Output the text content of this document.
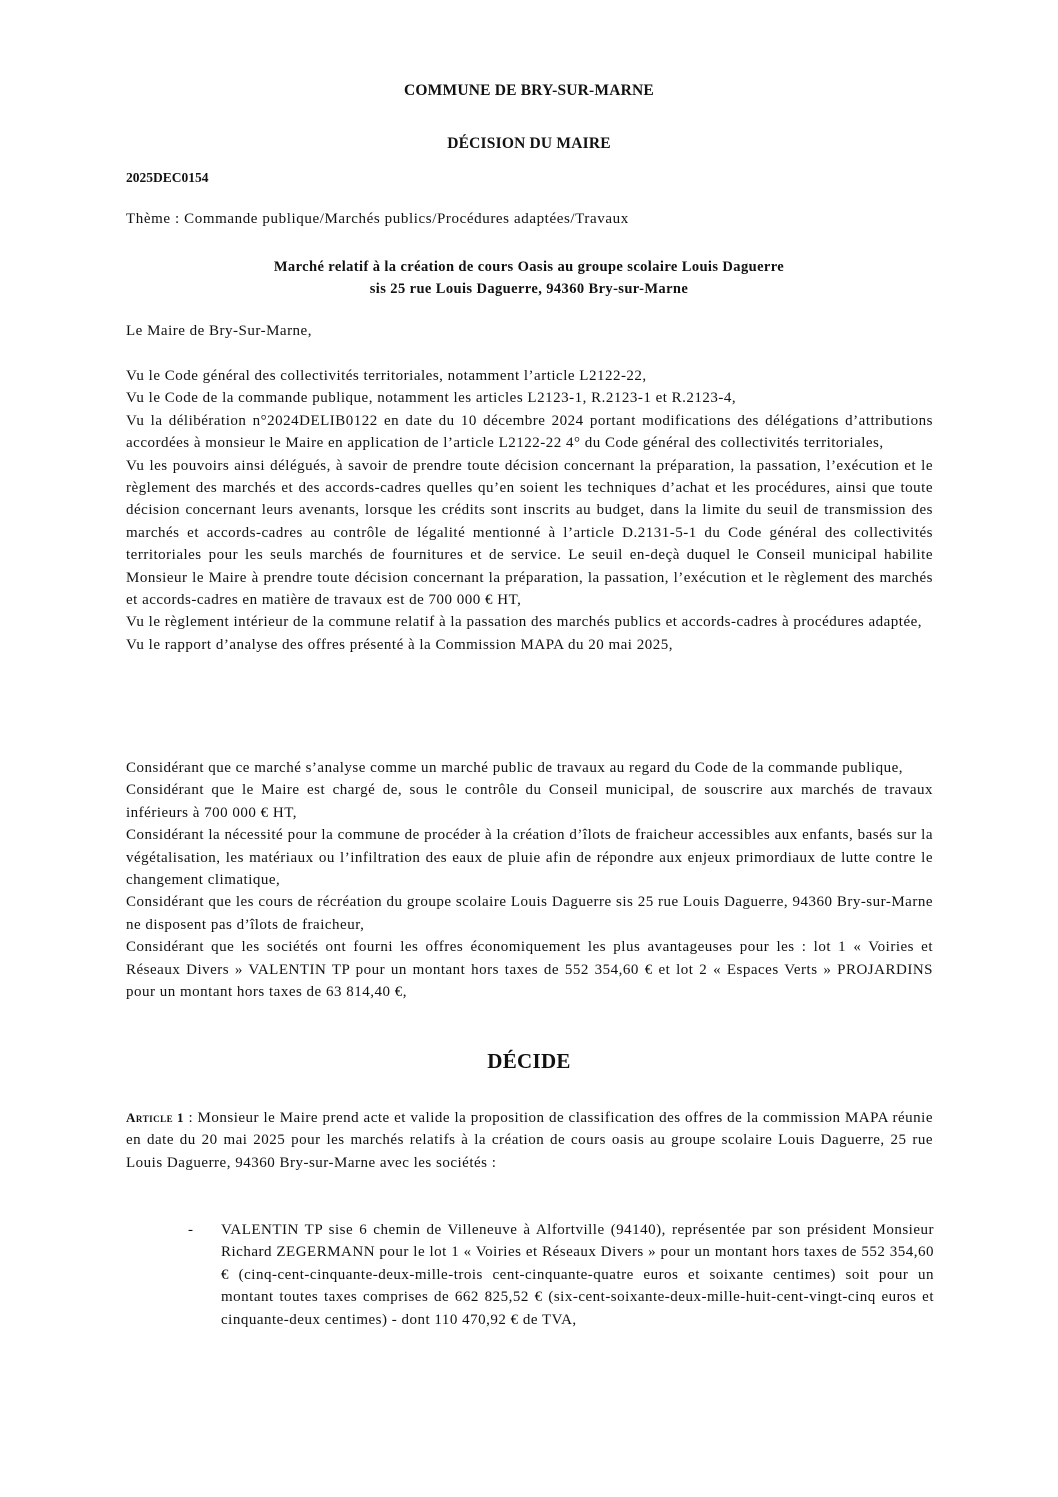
COMMUNE DE BRY-SUR-MARNE
DÉCISION DU MAIRE
2025DEC0154
Thème : Commande publique/Marchés publics/Procédures adaptées/Travaux
Marché relatif à la création de cours Oasis au groupe scolaire Louis Daguerre
sis 25 rue Louis Daguerre, 94360 Bry-sur-Marne
Le Maire de Bry-Sur-Marne,

Vu le Code général des collectivités territoriales, notamment l’article L2122-22,

Vu le Code de la commande publique, notamment les articles L2123-1, R.2123-1 et R.2123-4,

Vu la délibération n°2024DELIB0122 en date du 10 décembre 2024 portant modifications des délégations d’attributions accordées à monsieur le Maire en application de l’article L2122-22 4° du Code général des collectivités territoriales,

Vu les pouvoirs ainsi délégués, à savoir de prendre toute décision concernant la préparation, la passation, l’exécution et le règlement des marchés et des accords-cadres quelles qu’en soient les techniques d’achat et les procédures, ainsi que toute décision concernant leurs avenants, lorsque les crédits sont inscrits au budget, dans la limite du seuil de transmission des marchés et accords-cadres au contrôle de légalité mentionné à l’article D.2131-5-1 du Code général des collectivités territoriales pour les seuls marchés de fournitures et de service. Le seuil en-deçà duquel le Conseil municipal habilite Monsieur le Maire à prendre toute décision concernant la préparation, la passation, l’exécution et le règlement des marchés et accords-cadres en matière de travaux est de 700 000 € HT,

Vu le règlement intérieur de la commune relatif à la passation des marchés publics et accords-cadres à procédures adaptée,

Vu le rapport d’analyse des offres présenté à la Commission MAPA du 20 mai 2025,

Considérant que ce marché s’analyse comme un marché public de travaux au regard du Code de la commande publique,

Considérant que le Maire est chargé de, sous le contrôle du Conseil municipal, de souscrire aux marchés de travaux inférieurs à 700 000 € HT,

Considérant la nécessité pour la commune de procéder à la création d’îlots de fraicheur accessibles aux enfants, basés sur la végétalisation, les matériaux ou l’infiltration des eaux de pluie afin de répondre aux enjeux primordiaux de lutte contre le changement climatique,

Considérant que les cours de récréation du groupe scolaire Louis Daguerre sis 25 rue Louis Daguerre, 94360 Bry-sur-Marne ne disposent pas d’îlots de fraicheur,

Considérant que les sociétés ont fourni les offres économiquement les plus avantageuses pour les : lot 1 « Voiries et Réseaux Divers » VALENTIN TP pour un montant hors taxes de 552 354,60 € et lot 2 « Espaces Verts » PROJARDINS pour un montant hors taxes de 63 814,40 €,

DÉCIDE
Article 1 : Monsieur le Maire prend acte et valide la proposition de classification des offres de la commission MAPA réunie en date du 20 mai 2025 pour les marchés relatifs à la création de cours oasis au groupe scolaire Louis Daguerre, 25 rue Louis Daguerre, 94360 Bry-sur-Marne avec les sociétés :
-	VALENTIN TP sise 6 chemin de Villeneuve à Alfortville (94140), représentée par son président Monsieur Richard ZEGERMANN pour le lot 1 « Voiries et Réseaux Divers » pour un montant hors taxes de 552 354,60 € (cinq-cent-cinquante-deux-mille-trois cent-cinquante-quatre euros et soixante centimes) soit pour un montant toutes taxes comprises de 662 825,52 € (six-cent-soixante-deux-mille-huit-cent-vingt-cinq euros et cinquante-deux centimes) - dont 110 470,92 € de TVA,
